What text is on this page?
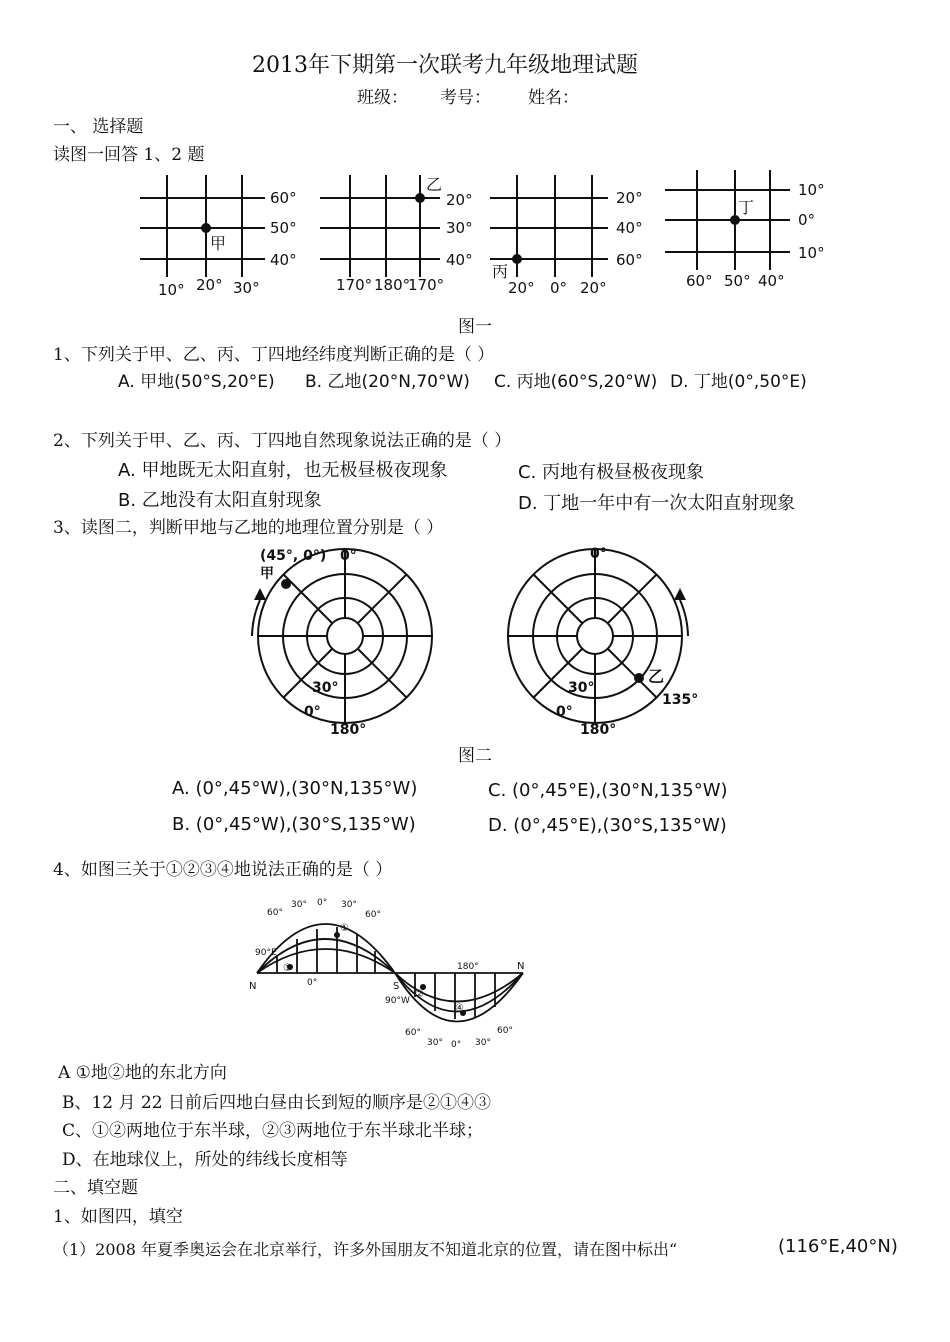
2013年下期第一次联考九年级地理试题
班级： 考号： 姓名：
一、 选择题
读图一回答 1、2 题
60°
50°
40°
10° 20° 30°
甲
20°
30°
40°
170° 180°
170°
乙
20°
40°
60°
20° 0° 20°
丙
10°
0°
10°
60° 50° 40°
丁
图一
1、下列关于甲、乙、丙、丁四地经纬度判断正确的是（ ）
A. 甲地(50°S,20°E) B. 乙地(20°N,70°W) C. 丙地(60°S,20°W) D. 丁地(0°,50°E)
2、下列关于甲、乙、丙、丁四地自然现象说法正确的是（ ）
A. 甲地既无太阳直射，也无极昼极夜现象	C. 丙地有极昼极夜现象
B. 乙地没有太阳直射现象	D. 丁地一年中有一次太阳直射现象
3、读图二，判断甲地与乙地的地理位置分别是（ ）
(45°, 0°) 0°
甲
30°
0°
180°
0°
30°
0°
180°
乙
135°
图二
A. (0°,45°W),(30°N,135°W)	C. (0°,45°E),(30°N,135°W)
B. (0°,45°W),(30°S,135°W)	D. (0°,45°E),(30°S,135°W)
4、如图三关于①②③④地说法正确的是（ ）
60°
30° 0° 30°
60°
60°
30° 0° 30°
60°
90°E
90°W
180°
0°
N	S
N
①
②
③
④
A ①地②地的东北方向
B、12 月 22 日前后四地白昼由长到短的顺序是②①④③
C、①②两地位于东半球，②③两地位于东半球北半球；
D、在地球仪上，所处的纬线长度相等
二、填空题
1、如图四，填空
（1）2008 年夏季奥运会在北京举行，许多外国朋友不知道北京的位置，请在图中标出“	(116°E,40°N)
